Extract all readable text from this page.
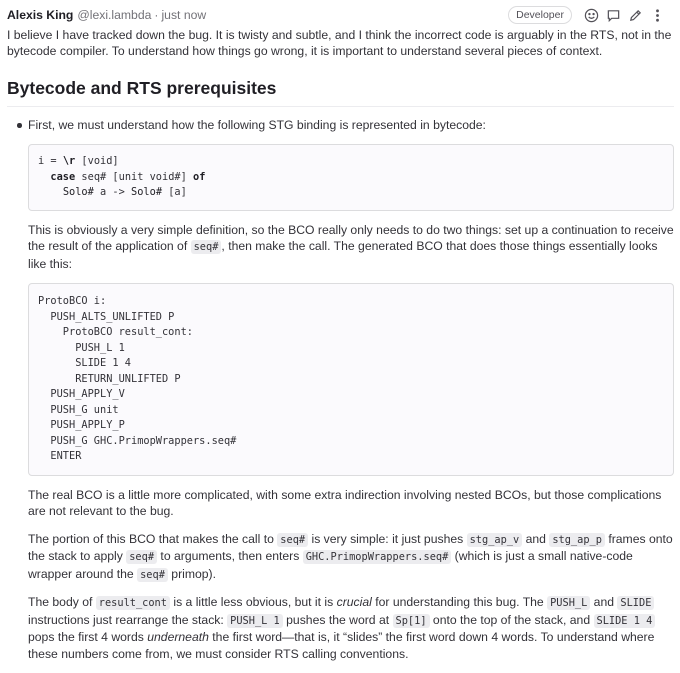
Alexis King @lexi.lambda · just now	Developer

I believe I have tracked down the bug. It is twisty and subtle, and I think the incorrect code is arguably in the RTS, not in the bytecode compiler. To understand how things go wrong, it is important to understand several pieces of context.

Bytecode and RTS prerequisites
First, we must understand how the following STG binding is represented in bytecode:
i = \r [void]
case seq# [unit void#] of
Solo# a -> Solo# [a]

This is obviously a very simple definition, so the BCO really only needs to do two things: set up a continuation to receive the result of the application of seq# , then make the call. The generated BCO that does those things essentially looks like this:

ProtoBCO i:
PUSH_ALTS_UNLIFTED P
ProtoBCO result_cont:
PUSH_L 1
SLIDE 1 4
RETURN_UNLIFTED P
PUSH_APPLY_V
PUSH_G unit
PUSH_APPLY_P
PUSH_G GHC.PrimopWrappers.seq#
ENTER

The real BCO is a little more complicated, with some extra indirection involving nested BCOs, but those complications are not relevant to the bug.

The portion of this BCO that makes the call to seq# is very simple: it just pushes stg_ap_v and stg_ap_p frames onto the stack to apply seq# to arguments, then enters GHC.PrimopWrappers.seq# (which is just a small native-code wrapper around the seq# primop).

The body of result_cont is a little less obvious, but it is crucial for understanding this bug. The PUSH_L and SLIDE instructions just rearrange the stack: PUSH_L 1 pushes the word at Sp[1] onto the top of the stack, and SLIDE 1 4 pops the first 4 words underneath the first word—that is, it “slides” the first word down 4 words. To understand where these numbers come from, we must consider RTS calling conventions.
